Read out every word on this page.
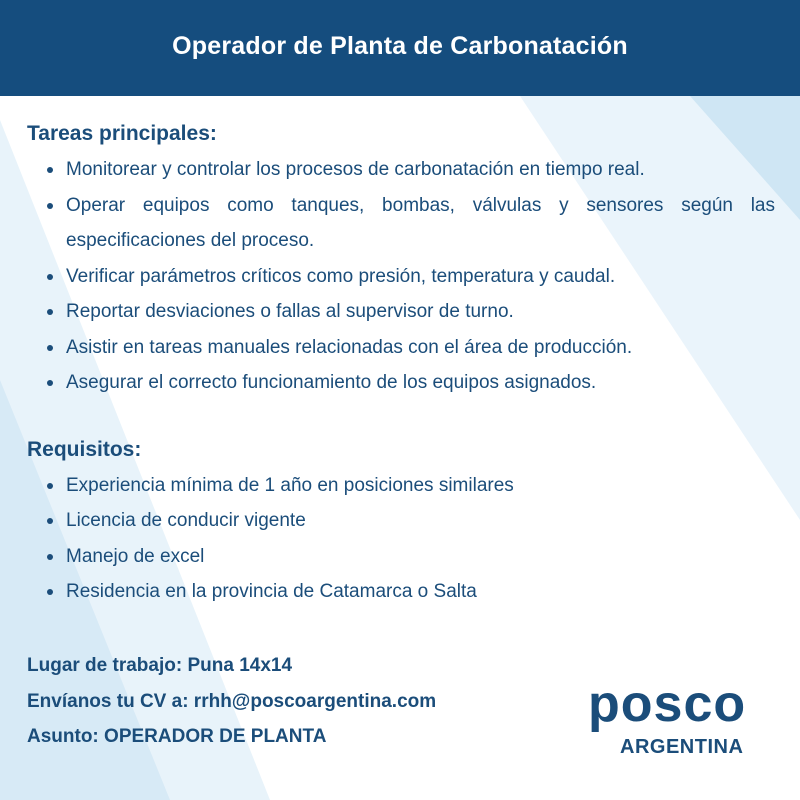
Operador de Planta de Carbonatación
Tareas principales:
Monitorear y controlar los procesos de carbonatación en tiempo real.
Operar equipos como tanques, bombas, válvulas y sensores según las especificaciones del proceso.
Verificar parámetros críticos como presión, temperatura y caudal.
Reportar desviaciones o fallas al supervisor de turno.
Asistir en tareas manuales relacionadas con el área de producción.
Asegurar el correcto funcionamiento de los equipos asignados.
Requisitos:
Experiencia mínima de 1 año en posiciones similares
Licencia de conducir vigente
Manejo de excel
Residencia en la provincia de Catamarca o Salta
Lugar de trabajo: Puna 14x14
Envíanos tu CV a: rrhh@poscoargentina.com
Asunto: OPERADOR DE PLANTA
posco
ARGENTINA
